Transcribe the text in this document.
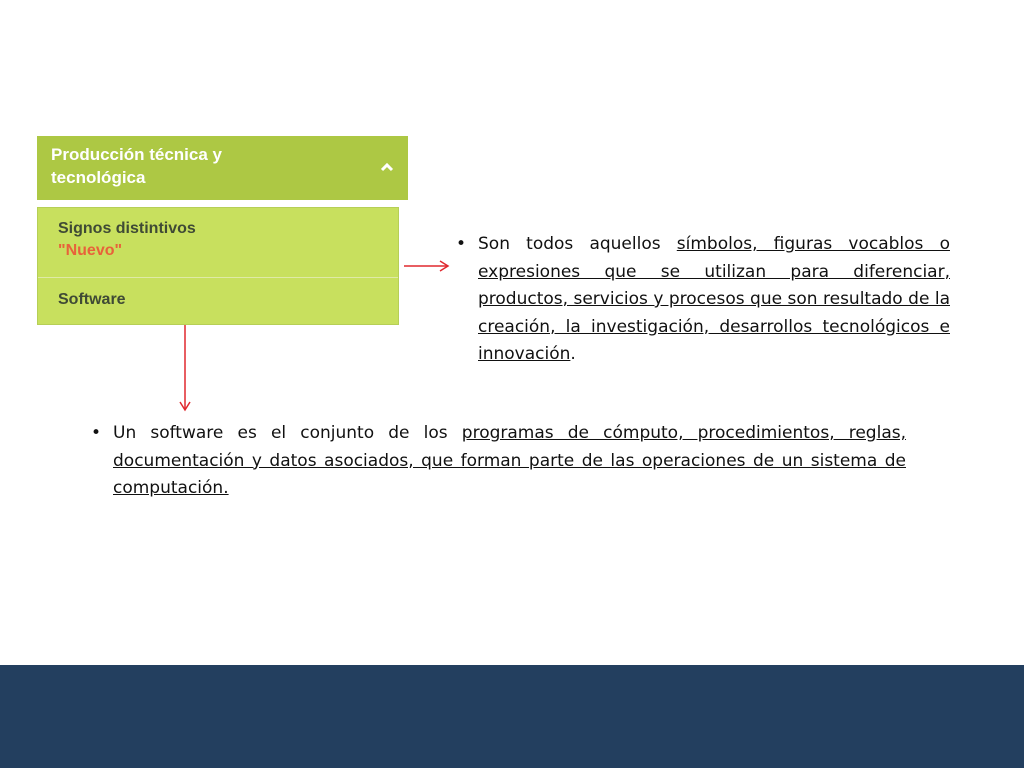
Producción técnica y
tecnológica
Signos distintivos
"Nuevo"
Software
• Son todos aquellos símbolos, figuras vocablos o expresiones que se utilizan para diferenciar, productos, servicios y procesos que son resultado de la creación, la investigación, desarrollos tecnológicos e innovación.
• Un software es el conjunto de los programas de cómputo, procedimientos, reglas, documentación y datos asociados, que forman parte de las operaciones de un sistema de computación.
